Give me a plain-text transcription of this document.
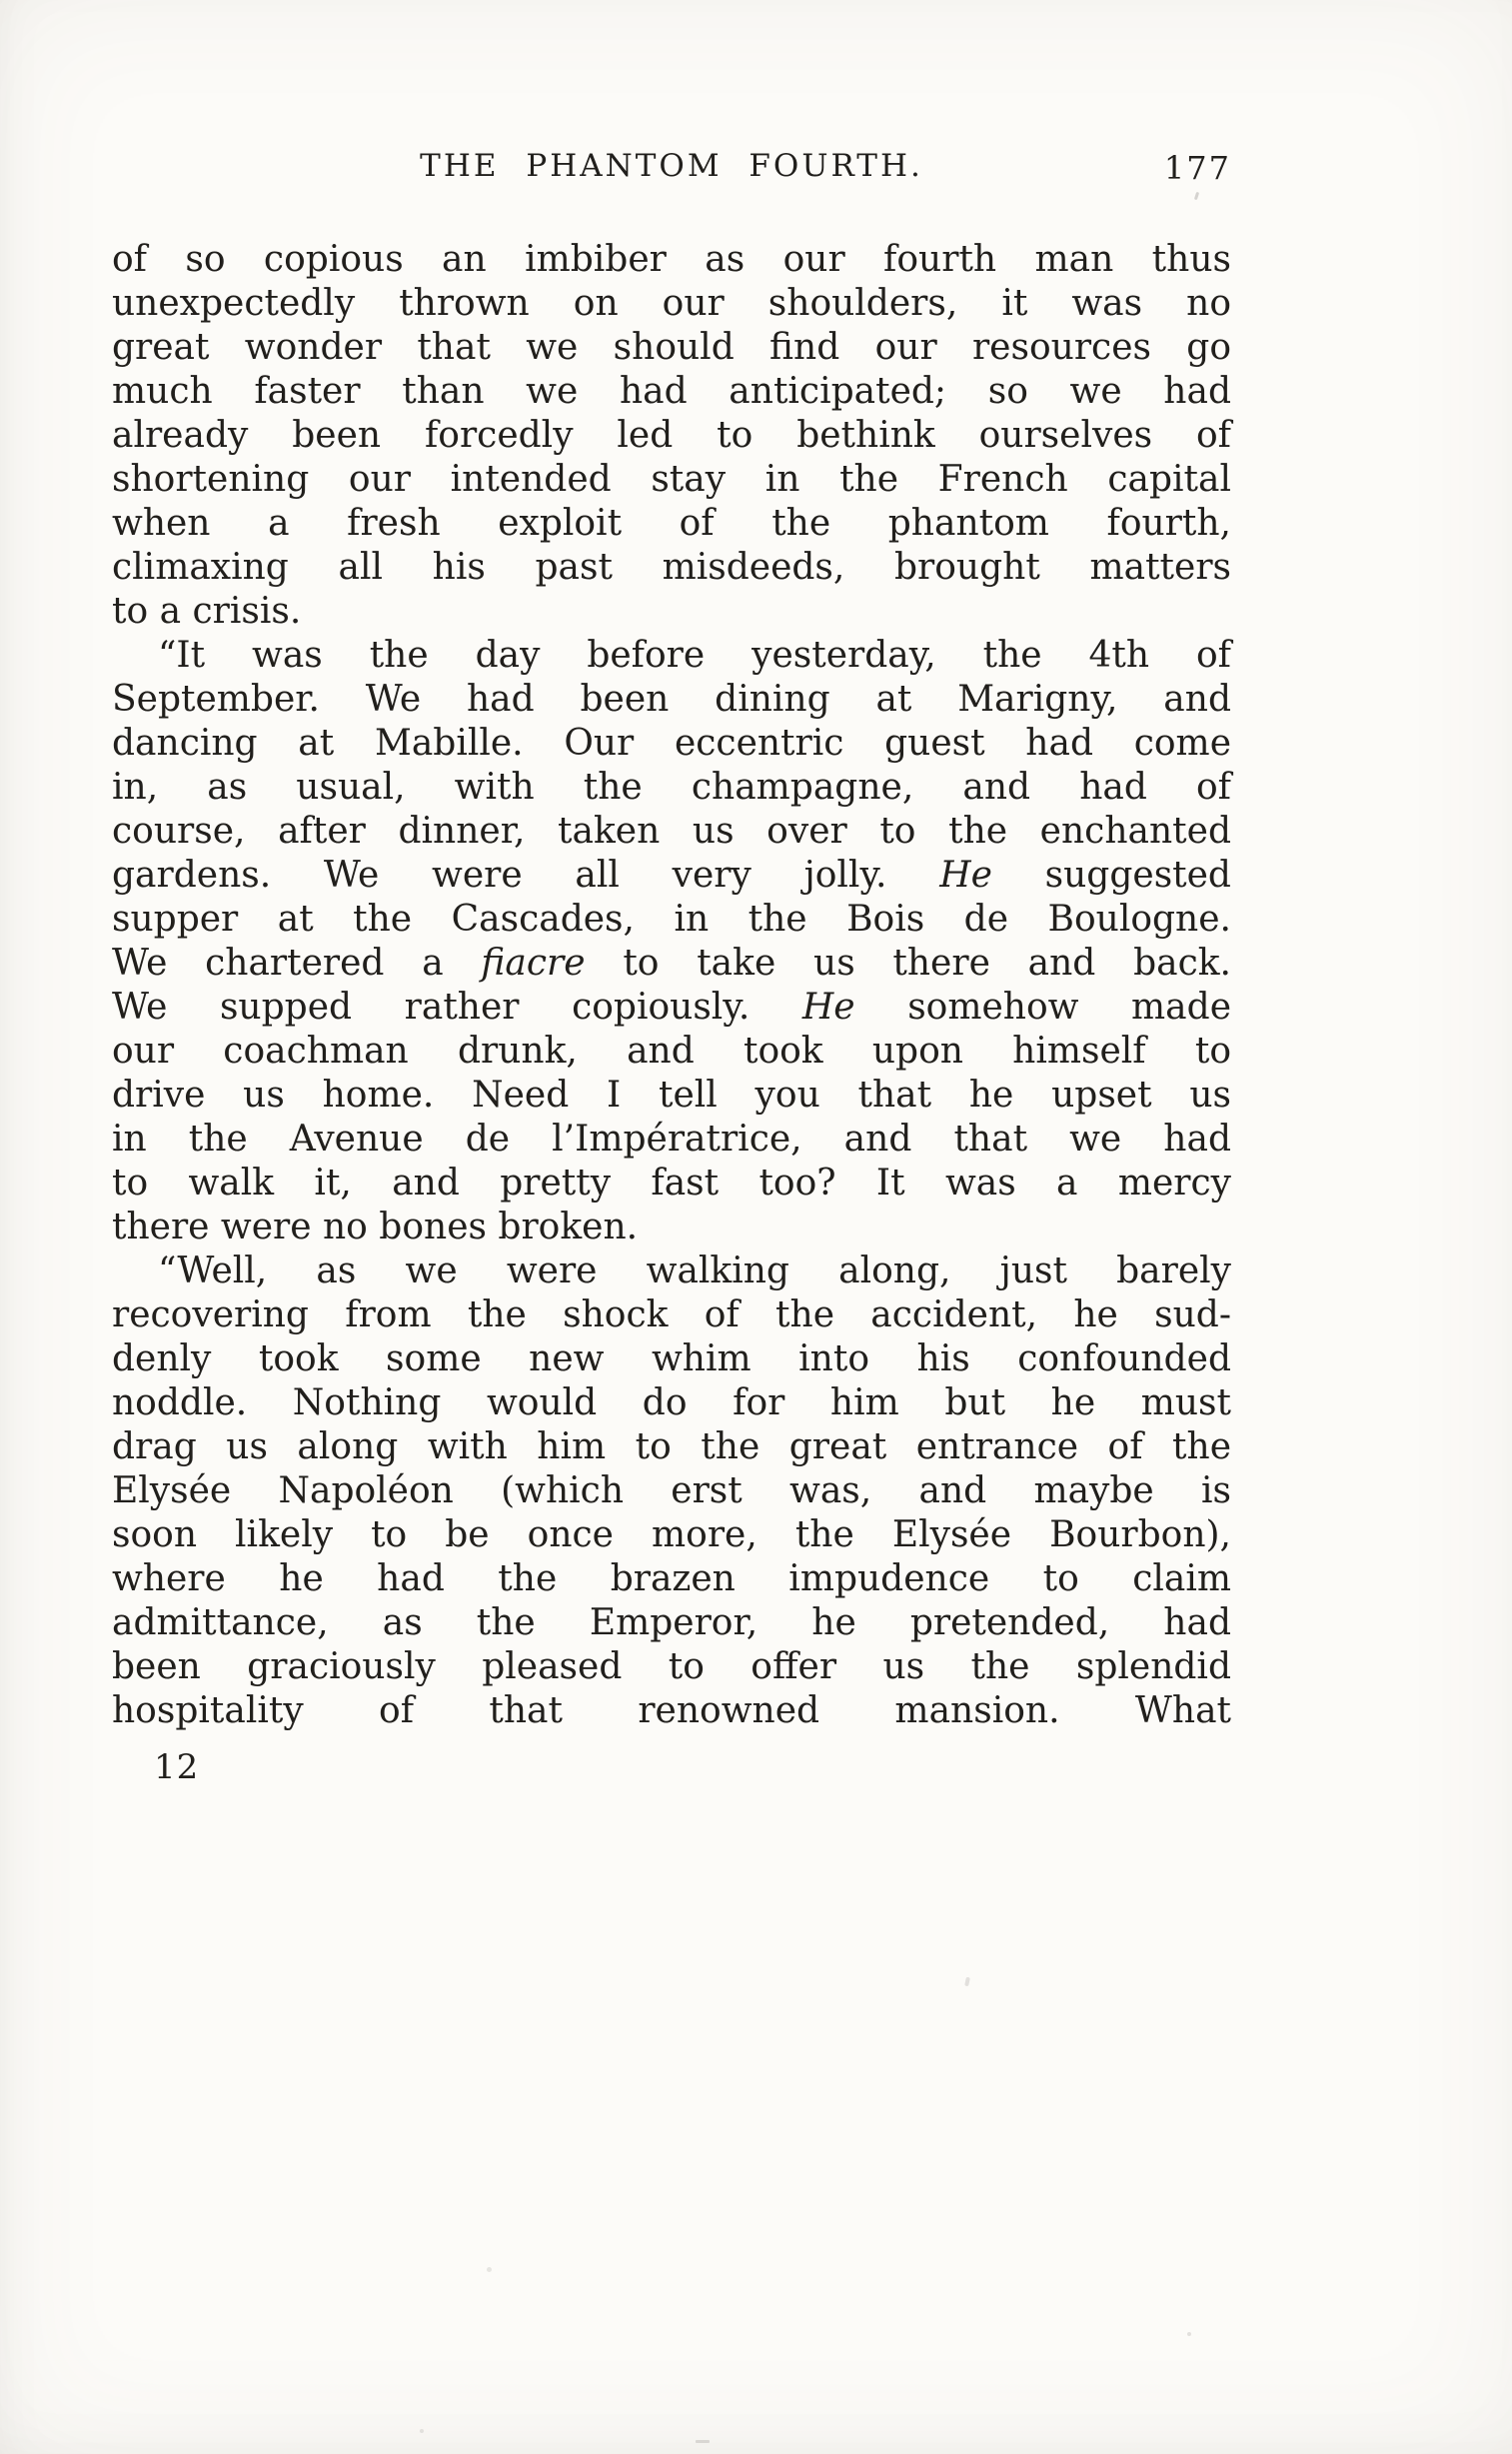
THE PHANTOM FOURTH.	177
of so copious an imbiber as our fourth man thus
unexpectedly thrown on our shoulders, it was no
great wonder that we should find our resources go
much faster than we had anticipated; so we had
already been forcedly led to bethink ourselves of
shortening our intended stay in the French capital
when a fresh exploit of the phantom fourth,
climaxing all his past misdeeds, brought matters
to a crisis.
“It was the day before yesterday, the 4th of
September. We had been dining at Marigny, and
dancing at Mabille. Our eccentric guest had come
in, as usual, with the champagne, and had of
course, after dinner, taken us over to the enchanted
gardens. We were all very jolly. He suggested
supper at the Cascades, in the Bois de Boulogne.
We chartered a fiacre to take us there and back.
We supped rather copiously. He somehow made
our coachman drunk, and took upon himself to
drive us home. Need I tell you that he upset us
in the Avenue de l’Impératrice, and that we had
to walk it, and pretty fast too? It was a mercy
there were no bones broken.
“Well, as we were walking along, just barely
recovering from the shock of the accident, he sud-
denly took some new whim into his confounded
noddle. Nothing would do for him but he must
drag us along with him to the great entrance of the
Elysée Napoléon (which erst was, and maybe is
soon likely to be once more, the Elysée Bourbon),
where he had the brazen impudence to claim
admittance, as the Emperor, he pretended, had
been graciously pleased to offer us the splendid
hospitality of that renowned mansion. What
12
